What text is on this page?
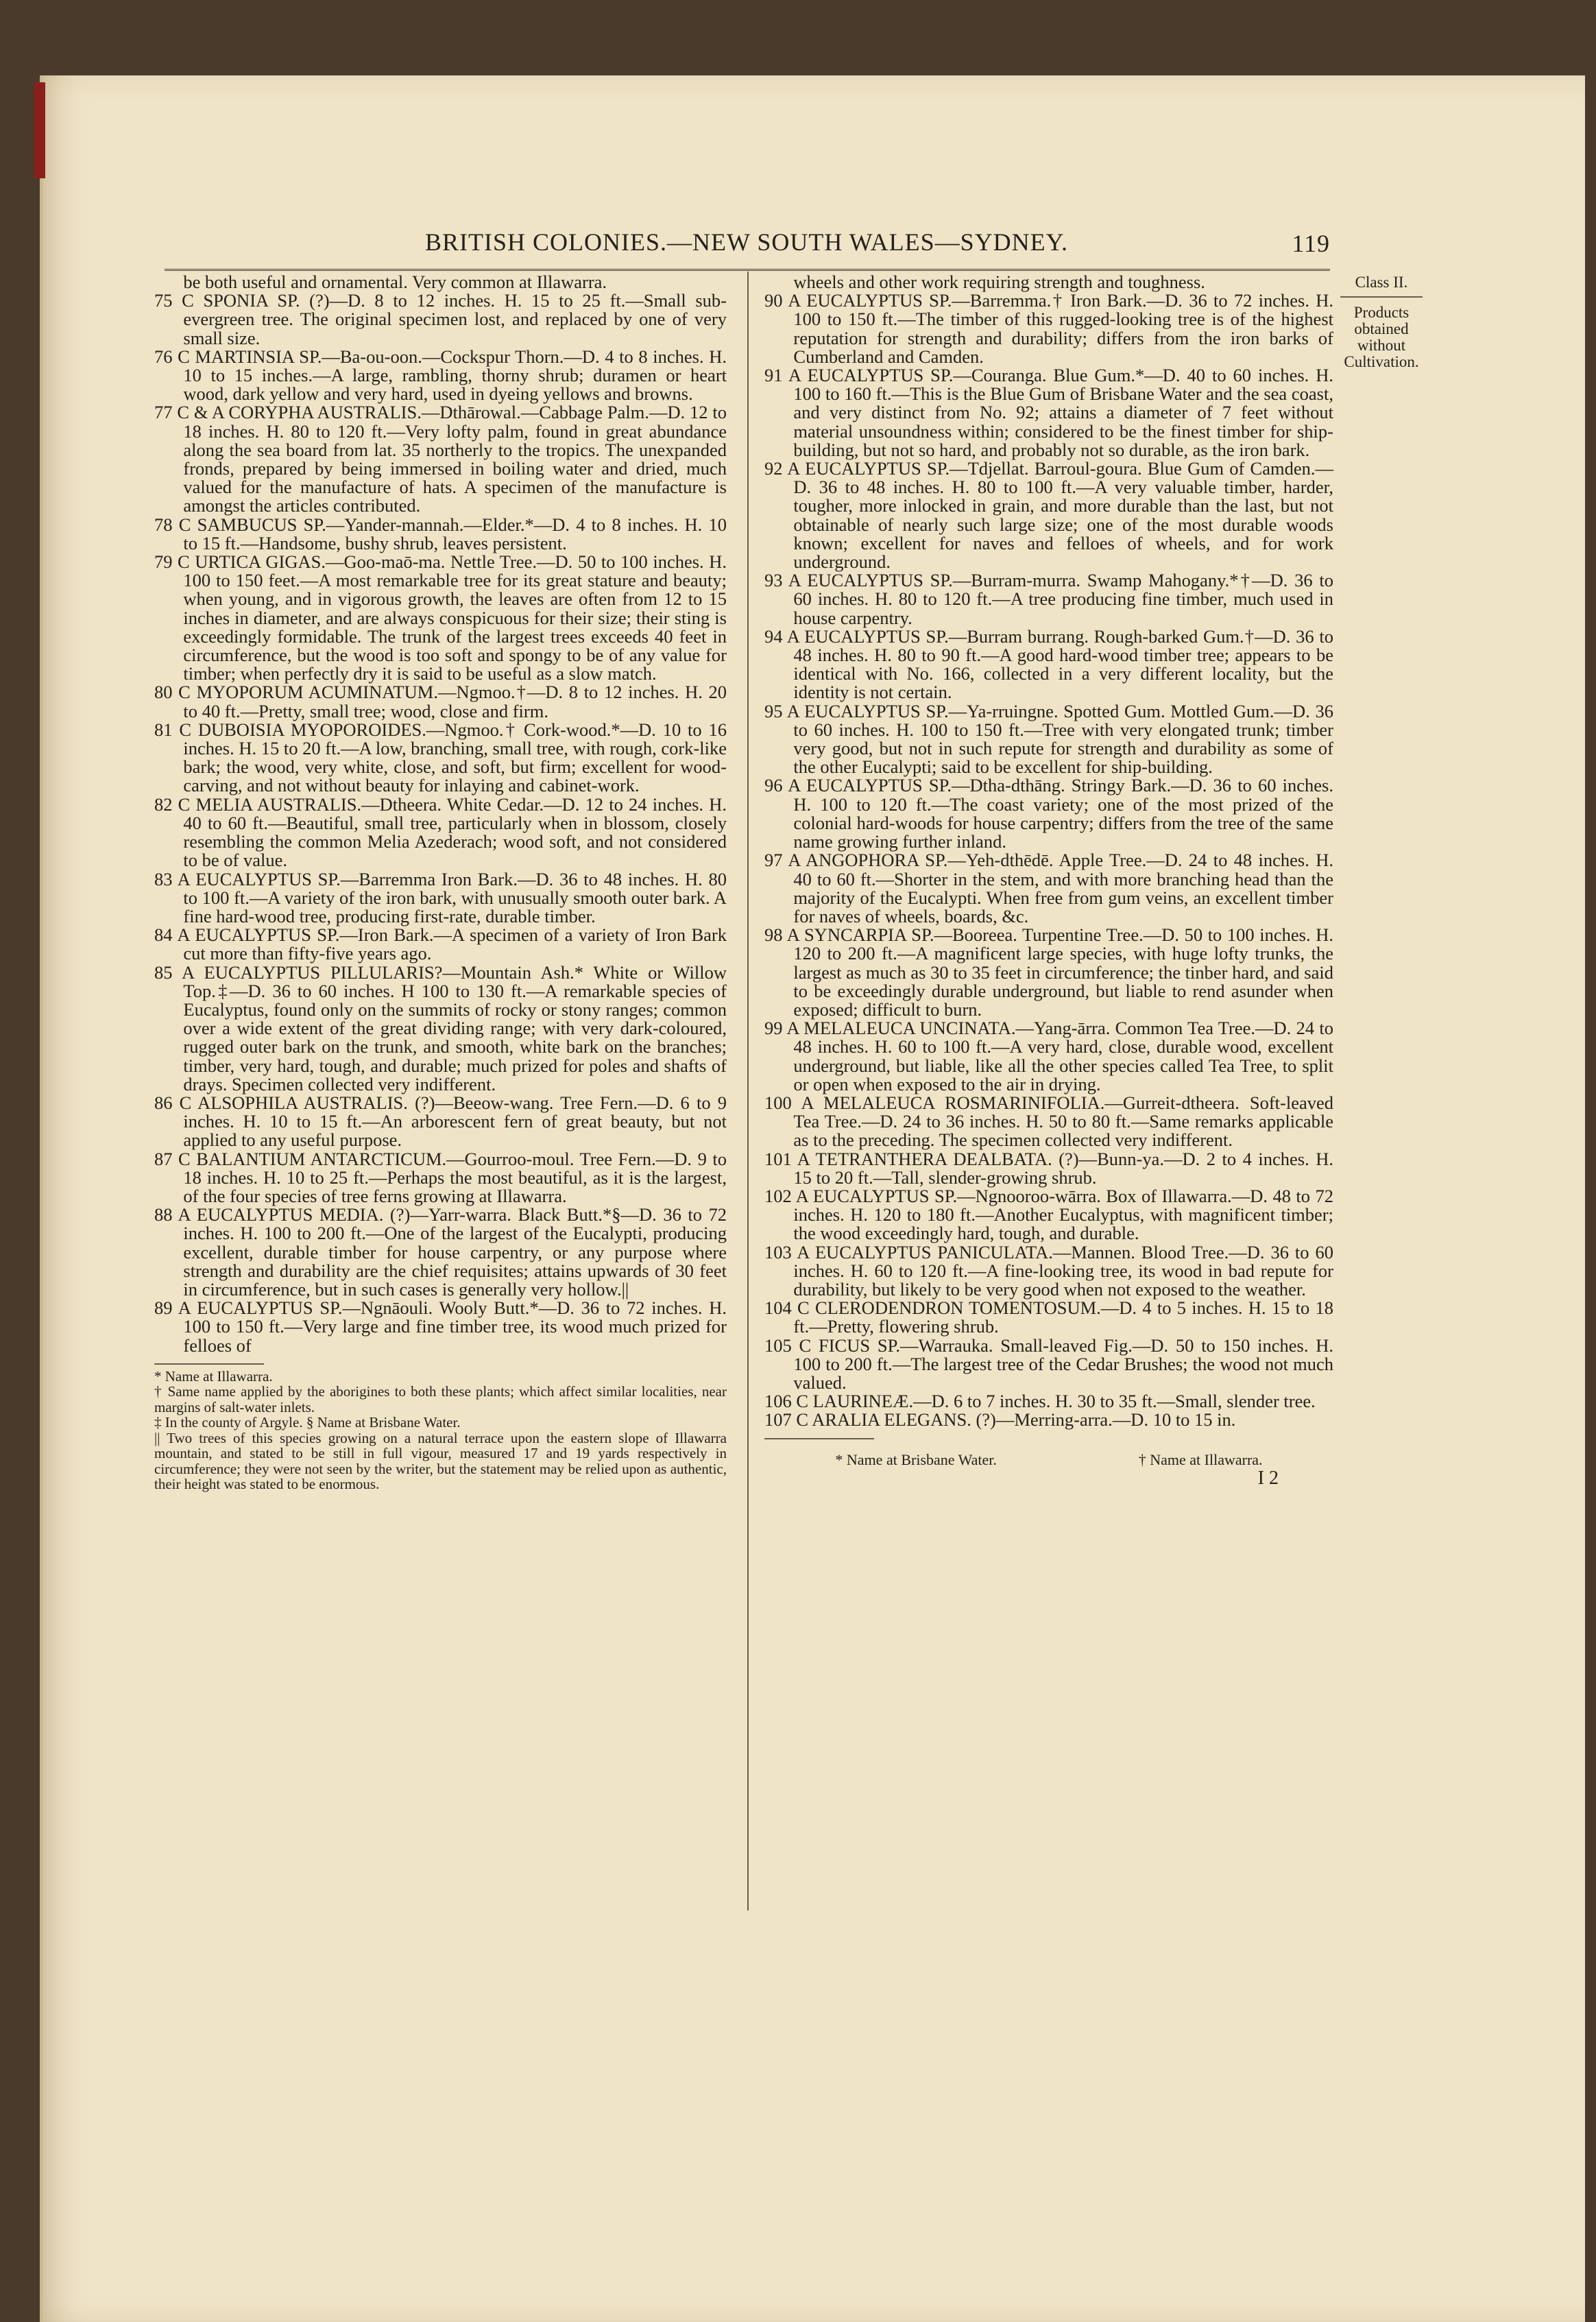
BRITISH COLONIES.—NEW SOUTH WALES—SYDNEY.	119

be both useful and ornamental. Very common at Illawarra.

75 C SPONIA SP. (?)—D. 8 to 12 inches. H. 15 to 25 ft.—Small sub-evergreen tree. The original specimen lost, and replaced by one of very small size.

76 C MARTINSIA SP.—Ba-ou-oon.—Cockspur Thorn.—D. 4 to 8 inches. H. 10 to 15 inches.—A large, rambling, thorny shrub; duramen or heart wood, dark yellow and very hard, used in dyeing yellows and browns.

77 C & A CORYPHA AUSTRALIS.—Dthārowal.—Cabbage Palm.—D. 12 to 18 inches. H. 80 to 120 ft.—Very lofty palm, found in great abundance along the sea board from lat. 35 northerly to the tropics. The unexpanded fronds, prepared by being immersed in boiling water and dried, much valued for the manufacture of hats. A specimen of the manufacture is amongst the articles contributed.

78 C SAMBUCUS SP.—Yander-mannah.—Elder.*—D. 4 to 8 inches. H. 10 to 15 ft.—Handsome, bushy shrub, leaves persistent.

79 C URTICA GIGAS.—Goo-maō-ma. Nettle Tree.—D. 50 to 100 inches. H. 100 to 150 feet.—A most remarkable tree for its great stature and beauty; when young, and in vigorous growth, the leaves are often from 12 to 15 inches in diameter, and are always conspicuous for their size; their sting is exceedingly formidable. The trunk of the largest trees exceeds 40 feet in circumference, but the wood is too soft and spongy to be of any value for timber; when perfectly dry it is said to be useful as a slow match.

80 C MYOPORUM ACUMINATUM.—Ngmoo.†—D. 8 to 12 inches. H. 20 to 40 ft.—Pretty, small tree; wood, close and firm.

81 C DUBOISIA MYOPOROIDES.—Ngmoo.† Cork-wood.*—D. 10 to 16 inches. H. 15 to 20 ft.—A low, branching, small tree, with rough, cork-like bark; the wood, very white, close, and soft, but firm; excellent for wood-carving, and not without beauty for inlaying and cabinet-work.

82 C MELIA AUSTRALIS.—Dtheera. White Cedar.—D. 12 to 24 inches. H. 40 to 60 ft.—Beautiful, small tree, particularly when in blossom, closely resembling the common Melia Azederach; wood soft, and not considered to be of value.

83 A EUCALYPTUS SP.—Barremma Iron Bark.—D. 36 to 48 inches. H. 80 to 100 ft.—A variety of the iron bark, with unusually smooth outer bark. A fine hard-wood tree, producing first-rate, durable timber.

84 A EUCALYPTUS SP.—Iron Bark.—A specimen of a variety of Iron Bark cut more than fifty-five years ago.

85 A EUCALYPTUS PILLULARIS?—Mountain Ash.* White or Willow Top.‡—D. 36 to 60 inches. H 100 to 130 ft.—A remarkable species of Eucalyptus, found only on the summits of rocky or stony ranges; common over a wide extent of the great dividing range; with very dark-coloured, rugged outer bark on the trunk, and smooth, white bark on the branches; timber, very hard, tough, and durable; much prized for poles and shafts of drays. Specimen collected very indifferent.

86 C ALSOPHILA AUSTRALIS. (?)—Beeow-wang. Tree Fern.—D. 6 to 9 inches. H. 10 to 15 ft.—An arborescent fern of great beauty, but not applied to any useful purpose.

87 C BALANTIUM ANTARCTICUM.—Gourroo-moul. Tree Fern.—D. 9 to 18 inches. H. 10 to 25 ft.—Perhaps the most beautiful, as it is the largest, of the four species of tree ferns growing at Illawarra.

88 A EUCALYPTUS MEDIA. (?)—Yarr-warra. Black Butt.*§—D. 36 to 72 inches. H. 100 to 200 ft.—One of the largest of the Eucalypti, producing excellent, durable timber for house carpentry, or any purpose where strength and durability are the chief requisites; attains upwards of 30 feet in circumference, but in such cases is generally very hollow.||

89 A EUCALYPTUS SP.—Ngnāouli. Wooly Butt.*—D. 36 to 72 inches. H. 100 to 150 ft.—Very large and fine timber tree, its wood much prized for felloes of

* Name at Illawarra.

† Same name applied by the aborigines to both these plants; which affect similar localities, near margins of salt-water inlets.

‡ In the county of Argyle. § Name at Brisbane Water.

|| Two trees of this species growing on a natural terrace upon the eastern slope of Illawarra mountain, and stated to be still in full vigour, measured 17 and 19 yards respectively in circumference; they were not seen by the writer, but the statement may be relied upon as authentic, their height was stated to be enormous.

wheels and other work requiring strength and toughness.

90 A EUCALYPTUS SP.—Barremma.† Iron Bark.—D. 36 to 72 inches. H. 100 to 150 ft.—The timber of this rugged-looking tree is of the highest reputation for strength and durability; differs from the iron barks of Cumberland and Camden.

91 A EUCALYPTUS SP.—Couranga. Blue Gum.*—D. 40 to 60 inches. H. 100 to 160 ft.—This is the Blue Gum of Brisbane Water and the sea coast, and very distinct from No. 92; attains a diameter of 7 feet without material unsoundness within; considered to be the finest timber for ship-building, but not so hard, and probably not so durable, as the iron bark.

92 A EUCALYPTUS SP.—Tdjellat. Barroul-goura. Blue Gum of Camden.—D. 36 to 48 inches. H. 80 to 100 ft.—A very valuable timber, harder, tougher, more inlocked in grain, and more durable than the last, but not obtainable of nearly such large size; one of the most durable woods known; excellent for naves and felloes of wheels, and for work underground.

93 A EUCALYPTUS SP.—Burram-murra. Swamp Mahogany.*†—D. 36 to 60 inches. H. 80 to 120 ft.—A tree producing fine timber, much used in house carpentry.

94 A EUCALYPTUS SP.—Burram burrang. Rough-barked Gum.†—D. 36 to 48 inches. H. 80 to 90 ft.—A good hard-wood timber tree; appears to be identical with No. 166, collected in a very different locality, but the identity is not certain.

95 A EUCALYPTUS SP.—Ya-rruingne. Spotted Gum. Mottled Gum.—D. 36 to 60 inches. H. 100 to 150 ft.—Tree with very elongated trunk; timber very good, but not in such repute for strength and durability as some of the other Eucalypti; said to be excellent for ship-building.

96 A EUCALYPTUS SP.—Dtha-dthāng. Stringy Bark.—D. 36 to 60 inches. H. 100 to 120 ft.—The coast variety; one of the most prized of the colonial hard-woods for house carpentry; differs from the tree of the same name growing further inland.

97 A ANGOPHORA SP.—Yeh-dthēdē. Apple Tree.—D. 24 to 48 inches. H. 40 to 60 ft.—Shorter in the stem, and with more branching head than the majority of the Eucalypti. When free from gum veins, an excellent timber for naves of wheels, boards, &c.

98 A SYNCARPIA SP.—Booreea. Turpentine Tree.—D. 50 to 100 inches. H. 120 to 200 ft.—A magnificent large species, with huge lofty trunks, the largest as much as 30 to 35 feet in circumference; the tinber hard, and said to be exceedingly durable underground, but liable to rend asunder when exposed; difficult to burn.

99 A MELALEUCA UNCINATA.—Yang-ārra. Common Tea Tree.—D. 24 to 48 inches. H. 60 to 100 ft.—A very hard, close, durable wood, excellent underground, but liable, like all the other species called Tea Tree, to split or open when exposed to the air in drying.

100 A MELALEUCA ROSMARINIFOLIA.—Gurreit-dtheera. Soft-leaved Tea Tree.—D. 24 to 36 inches. H. 50 to 80 ft.—Same remarks applicable as to the preceding. The specimen collected very indifferent.

101 A TETRANTHERA DEALBATA. (?)—Bunn-ya.—D. 2 to 4 inches. H. 15 to 20 ft.—Tall, slender-growing shrub.

102 A EUCALYPTUS SP.—Ngnooroo-wārra. Box of Illawarra.—D. 48 to 72 inches. H. 120 to 180 ft.—Another Eucalyptus, with magnificent timber; the wood exceedingly hard, tough, and durable.

103 A EUCALYPTUS PANICULATA.—Mannen. Blood Tree.—D. 36 to 60 inches. H. 60 to 120 ft.—A fine-looking tree, its wood in bad repute for durability, but likely to be very good when not exposed to the weather.

104 C CLERODENDRON TOMENTOSUM.—D. 4 to 5 inches. H. 15 to 18 ft.—Pretty, flowering shrub.

105 C FICUS SP.—Warrauka. Small-leaved Fig.—D. 50 to 150 inches. H. 100 to 200 ft.—The largest tree of the Cedar Brushes; the wood not much valued.

106 C LAURINEÆ.—D. 6 to 7 inches. H. 30 to 35 ft.—Small, slender tree.

107 C ARALIA ELEGANS. (?)—Merring-arra.—D. 10 to 15 in.

* Name at Brisbane Water.	† Name at Illawarra.
I 2
Class II.
Products obtained without Cultivation.
